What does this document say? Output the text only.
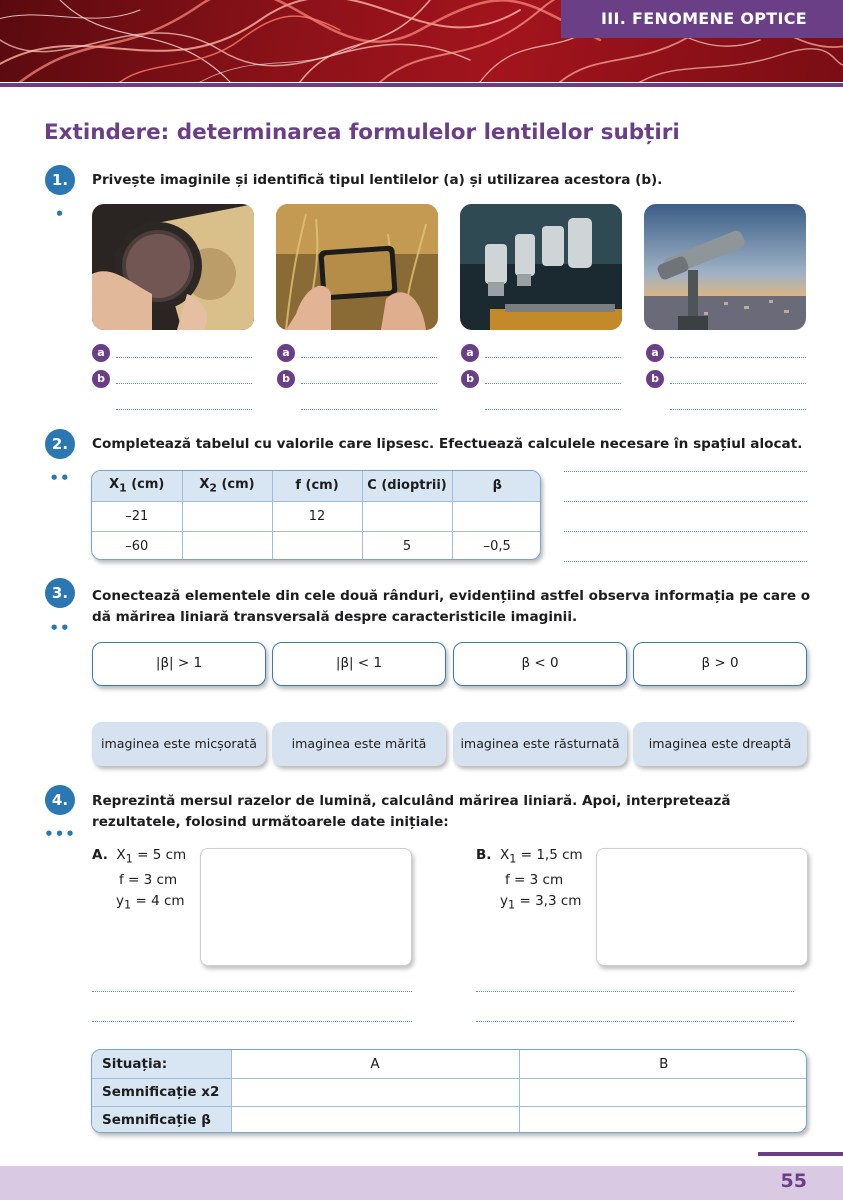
III. FENOMENE OPTICE
Extindere: determinarea formulelor lentilelor subțiri
1.
•
Privește imaginile și identifică tipul lentilelor (a) și utilizarea acestora (b).
a
b
a
b
a
b
a
b
2.
••
Completează tabelul cu valorile care lipsesc. Efectuează calculele necesare în spațiul alocat.
$X_1$ (cm)	$X_2$ (cm)	f (cm)	C (dioptrii)	β
–21		12		
–60			5	–0,5
3.
••
Conectează elementele din cele două rânduri, evidențiind astfel observa informația pe care o dă mărirea liniară transversală despre caracteristicile imaginii.
|β| > 1	|β| < 1	β < 0	β > 0
imaginea este micșorată	imaginea este mărită	imaginea este răsturnată	imaginea este dreaptă
4.
•••
Reprezintă mersul razelor de lumină, calculând mărirea liniară. Apoi, interpretează rezultatele, folosind următoarele date inițiale:
A. $X_1 = 5$ cm
f = 3 cm
$y_1 = 4$ cm
B. $X_1 = 1,5$ cm
f = 3 cm
$y_1 = 3,3$ cm
Situația:	A	B
Semnificație x2		
Semnificație β		
55
